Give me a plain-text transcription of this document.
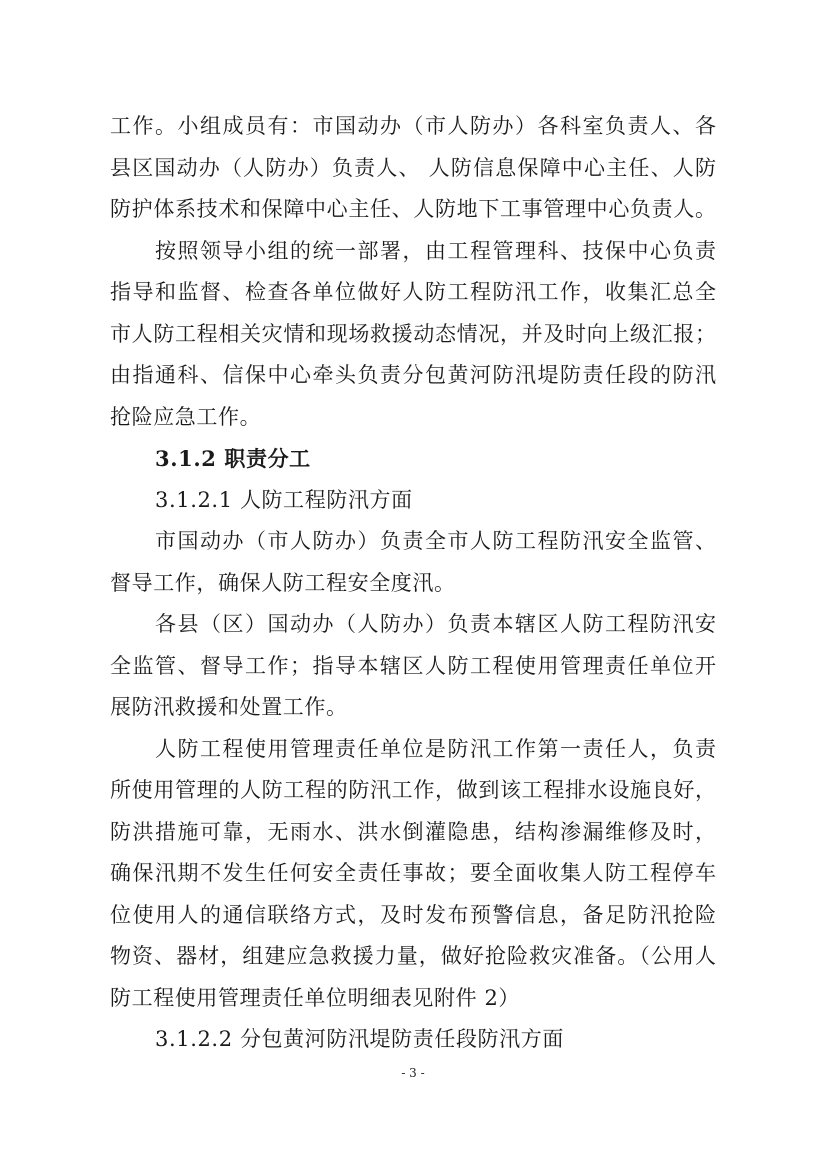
工作。小组成员有：市国动办（市人防办）各科室负责人、各
县区国动办（人防办）负责人、 人防信息保障中心主任、人防
防护体系技术和保障中心主任、人防地下工事管理中心负责人。
按照领导小组的统一部署，由工程管理科、技保中心负责
指导和监督、检查各单位做好人防工程防汛工作，收集汇总全
市人防工程相关灾情和现场救援动态情况，并及时向上级汇报；
由指通科、信保中心牵头负责分包黄河防汛堤防责任段的防汛
抢险应急工作。
3.1.2 职责分工
3.1.2.1 人防工程防汛方面
市国动办（市人防办）负责全市人防工程防汛安全监管、
督导工作，确保人防工程安全度汛。
各县（区）国动办（人防办）负责本辖区人防工程防汛安
全监管、督导工作；指导本辖区人防工程使用管理责任单位开
展防汛救援和处置工作。
人防工程使用管理责任单位是防汛工作第一责任人，负责
所使用管理的人防工程的防汛工作，做到该工程排水设施良好，
防洪措施可靠，无雨水、洪水倒灌隐患，结构渗漏维修及时，
确保汛期不发生任何安全责任事故；要全面收集人防工程停车
位使用人的通信联络方式，及时发布预警信息，备足防汛抢险
物资、器材，组建应急救援力量，做好抢险救灾准备。（公用人
防工程使用管理责任单位明细表见附件 2）
3.1.2.2 分包黄河防汛堤防责任段防汛方面
- 3 -
